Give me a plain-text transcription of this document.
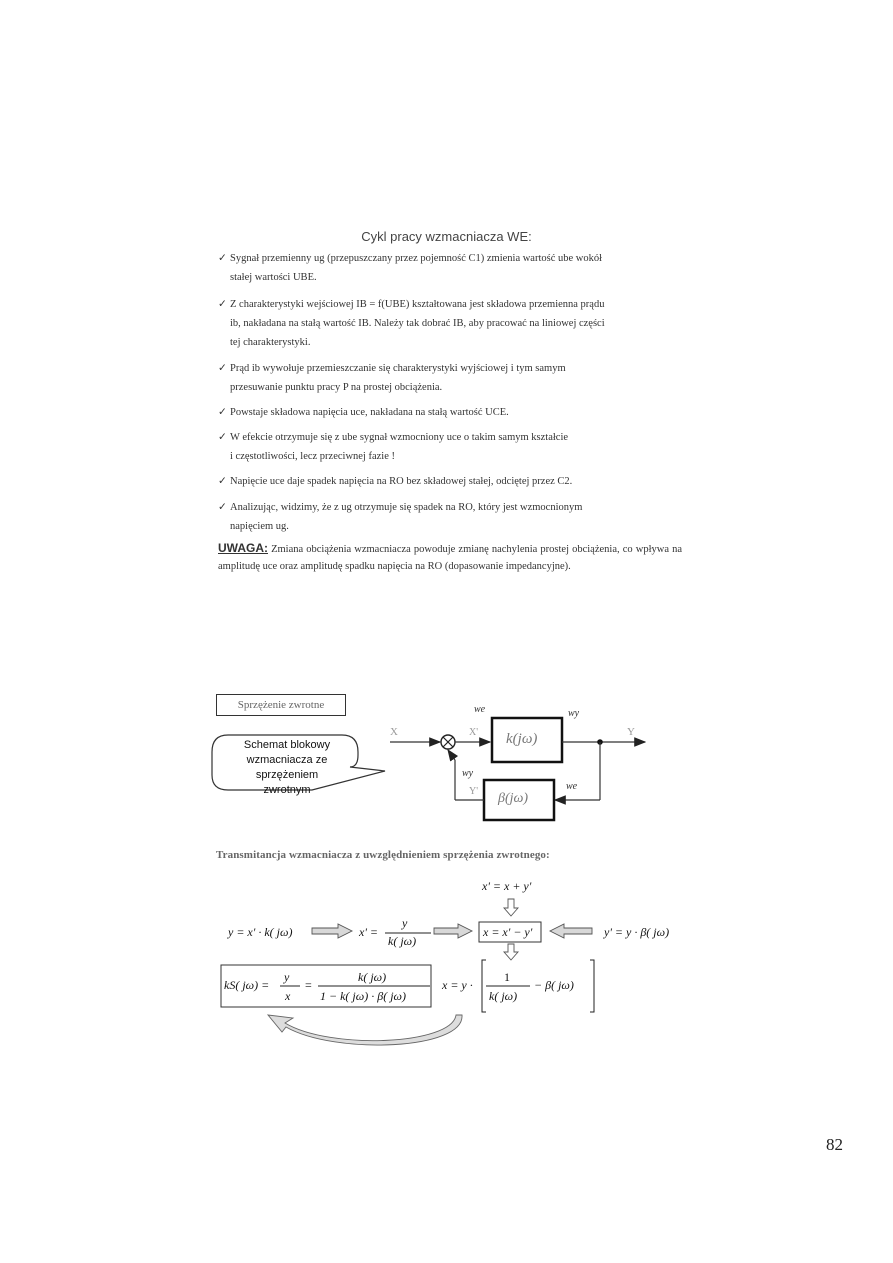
Cykl pracy wzmacniacza WE:
✓ Sygnał przemienny ug (przepuszczany przez pojemność C1) zmienia wartość ube wokół
stałej wartości UBE.
✓ Z charakterystyki wejściowej IB = f(UBE) kształtowana jest składowa przemienna prądu
ib, nakładana na stałą wartość IB. Należy tak dobrać IB, aby pracować na liniowej części
tej charakterystyki.
✓ Prąd ib wywołuje przemieszczanie się charakterystyki wyjściowej i tym samym
przesuwanie punktu pracy P na prostej obciążenia.
✓ Powstaje składowa napięcia uce, nakładana na stałą wartość UCE.
✓ W efekcie otrzymuje się z ube sygnał wzmocniony uce o takim samym kształcie
i częstotliwości, lecz przeciwnej fazie !
✓ Napięcie uce daje spadek napięcia na RO bez składowej stałej, odciętej przez C2.
✓ Analizując, widzimy, że z ug otrzymuje się spadek na RO, który jest wzmocnionym
napięciem ug.
UWAGA: Zmiana obciążenia wzmacniacza powoduje zmianę nachylenia prostej obciążenia, co wpływa na amplitudę uce oraz amplitudę spadku napięcia na RO (dopasowanie impedancyjne).
Sprzężenie zwrotne
Schemat blokowy wzmacniacza ze sprzężeniem zwrotnym
X	X'	Y
Y'
we	wy
wy
we
k(jω)
β(jω)
Transmitancja wzmacniacza z uwzględnieniem sprzężenia zwrotnego:
x' = x + y'
y = x' · k( jω)	x' =
y
k( jω)
x = x' − y'	y' = y · β( jω)
kS( jω) =
y
x
=
k( jω)
1 − k( jω) · β( jω)
x = y ·
1
k( jω)
− β( jω)
82
